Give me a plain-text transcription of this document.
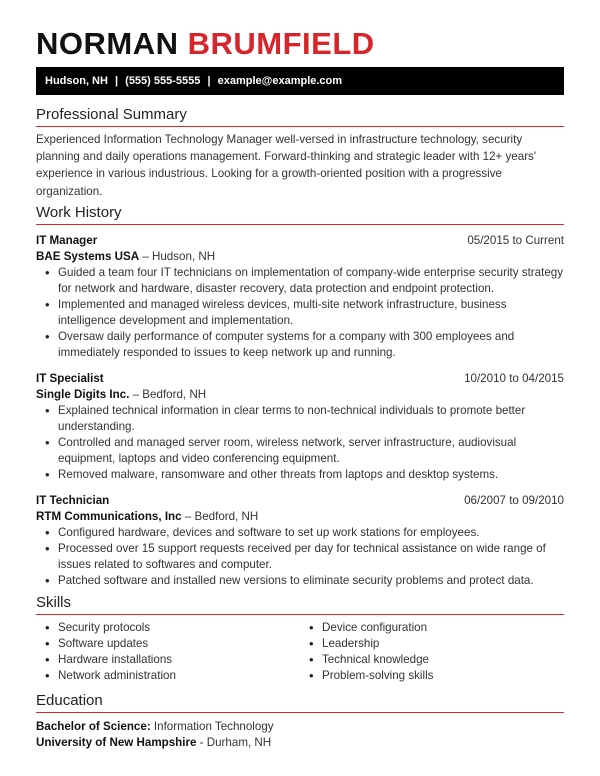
NORMAN BRUMFIELD
Hudson, NH | (555) 555-5555 | example@example.com
Professional Summary
Experienced Information Technology Manager well-versed in infrastructure technology, security planning and daily operations management. Forward-thinking and strategic leader with 12+ years' experience in various industrious. Looking for a growth-oriented position with a progressive organization.
Work History
IT Manager	05/2015 to Current
BAE Systems USA – Hudson, NH
• Guided a team four IT technicians on implementation of company-wide enterprise security strategy for network and hardware, disaster recovery, data protection and endpoint protection.
• Implemented and managed wireless devices, multi-site network infrastructure, business intelligence development and implementation.
• Oversaw daily performance of computer systems for a company with 300 employees and immediately responded to issues to keep network up and running.
IT Specialist	10/2010 to 04/2015
Single Digits Inc. – Bedford, NH
• Explained technical information in clear terms to non-technical individuals to promote better understanding.
• Controlled and managed server room, wireless network, server infrastructure, audiovisual equipment, laptops and video conferencing equipment.
• Removed malware, ransomware and other threats from laptops and desktop systems.
IT Technician	06/2007 to 09/2010
RTM Communications, Inc – Bedford, NH
• Configured hardware, devices and software to set up work stations for employees.
• Processed over 15 support requests received per day for technical assistance on wide range of issues related to softwares and computer.
• Patched software and installed new versions to eliminate security problems and protect data.
Skills
• Security protocols
• Software updates
• Hardware installations
• Network administration
• Device configuration
• Leadership
• Technical knowledge
• Problem-solving skills
Education
Bachelor of Science: Information Technology
University of New Hampshire - Durham, NH
